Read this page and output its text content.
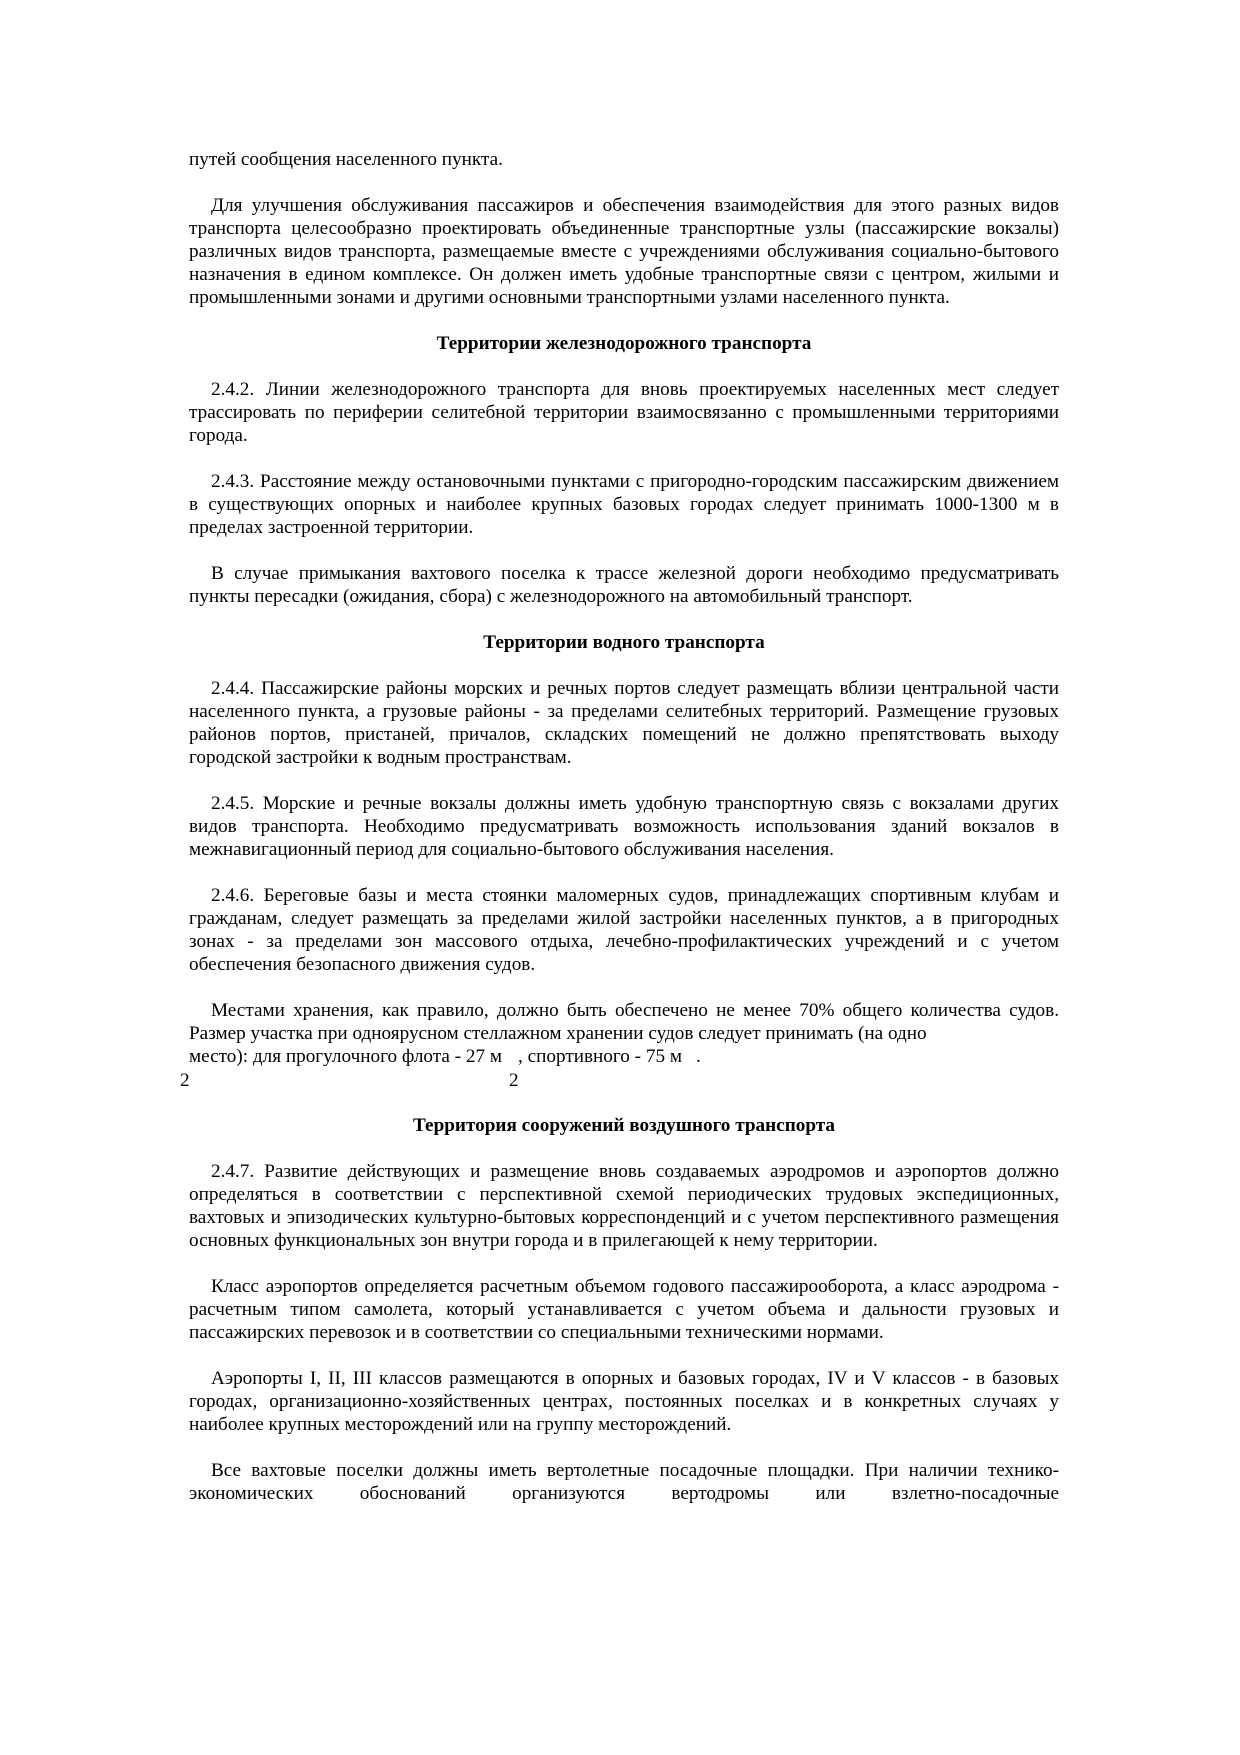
путей сообщения населенного пункта.

Для улучшения обслуживания пассажиров и обеспечения взаимодействия для этого разных видов транспорта целесообразно проектировать объединенные транспортные узлы (пассажирские вокзалы) различных видов транспорта, размещаемые вместе с учреждениями обслуживания социально-бытового назначения в едином комплексе. Он должен иметь удобные транспортные связи с центром, жилыми и промышленными зонами и другими основными транспортными узлами населенного пункта.

Территории железнодорожного транспорта

2.4.2. Линии железнодорожного транспорта для вновь проектируемых населенных мест следует трассировать по периферии селитебной территории взаимосвязанно с промышленными территориями города.

2.4.3. Расстояние между остановочными пунктами с пригородно-городским пассажирским движением в существующих опорных и наиболее крупных базовых городах следует принимать 1000-1300 м в пределах застроенной территории.

В случае примыкания вахтового поселка к трассе железной дороги необходимо предусматривать пункты пересадки (ожидания, сбора) с железнодорожного на автомобильный транспорт.

Территории водного транспорта

2.4.4. Пассажирские районы морских и речных портов следует размещать вблизи центральной части населенного пункта, а грузовые районы - за пределами селитебных территорий. Размещение грузовых районов портов, пристаней, причалов, складских помещений не должно препятствовать выходу городской застройки к водным пространствам.

2.4.5. Морские и речные вокзалы должны иметь удобную транспортную связь с вокзалами других видов транспорта. Необходимо предусматривать возможность использования зданий вокзалов в межнавигационный период для социально-бытового обслуживания населения.

2.4.6. Береговые базы и места стоянки маломерных судов, принадлежащих спортивным клубам и гражданам, следует размещать за пределами жилой застройки населенных пунктов, а в пригородных зонах - за пределами зон массового отдыха, лечебно-профилактических учреждений и с учетом обеспечения безопасного движения судов.

Местами хранения, как правило, должно быть обеспечено не менее 70% общего количества судов. Размер участка при одноярусном стеллажном хранении судов следует принимать (на одно
место): для прогулочного флота - 27 м
2
, спортивного - 75 м
2
.
Территория сооружений воздушного транспорта

2.4.7. Развитие действующих и размещение вновь создаваемых аэродромов и аэропортов должно определяться в соответствии с перспективной схемой периодических трудовых экспедиционных, вахтовых и эпизодических культурно-бытовых корреспонденций и с учетом перспективного размещения основных функциональных зон внутри города и в прилегающей к нему территории.

Класс аэропортов определяется расчетным объемом годового пассажирооборота, а класс аэродрома - расчетным типом самолета, который устанавливается с учетом объема и дальности грузовых и пассажирских перевозок и в соответствии со специальными техническими нормами.

Аэропорты I, II, III классов размещаются в опорных и базовых городах, IV и V классов - в базовых городах, организационно-хозяйственных центрах, постоянных поселках и в конкретных случаях у наиболее крупных месторождений или на группу месторождений.

Все вахтовые поселки должны иметь вертолетные посадочные площадки. При наличии технико-экономических обоснований организуются вертодромы или взлетно-посадочные
